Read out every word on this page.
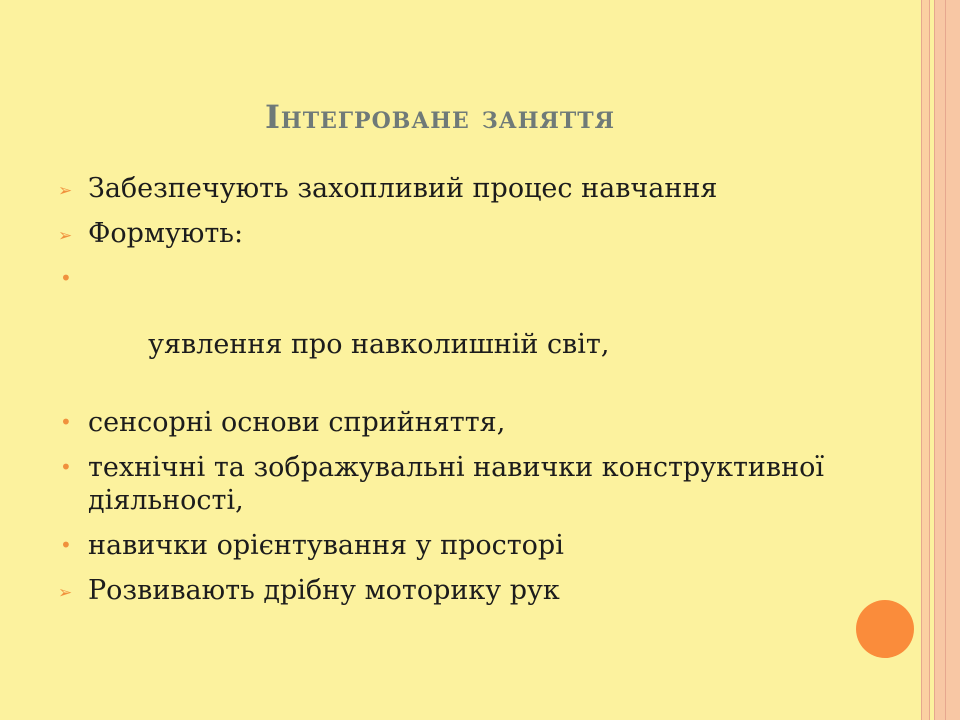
Інтегроване заняття
➢ Забезпечують захопливий процес навчання
➢ Формують:

•

уявлення про навколишній світ,

• сенсорні основи сприйняття,
• технічні та зображувальні навички конструктивної діяльності,
• навички орієнтування у просторі
➢ Розвивають дрібну моторику рук
